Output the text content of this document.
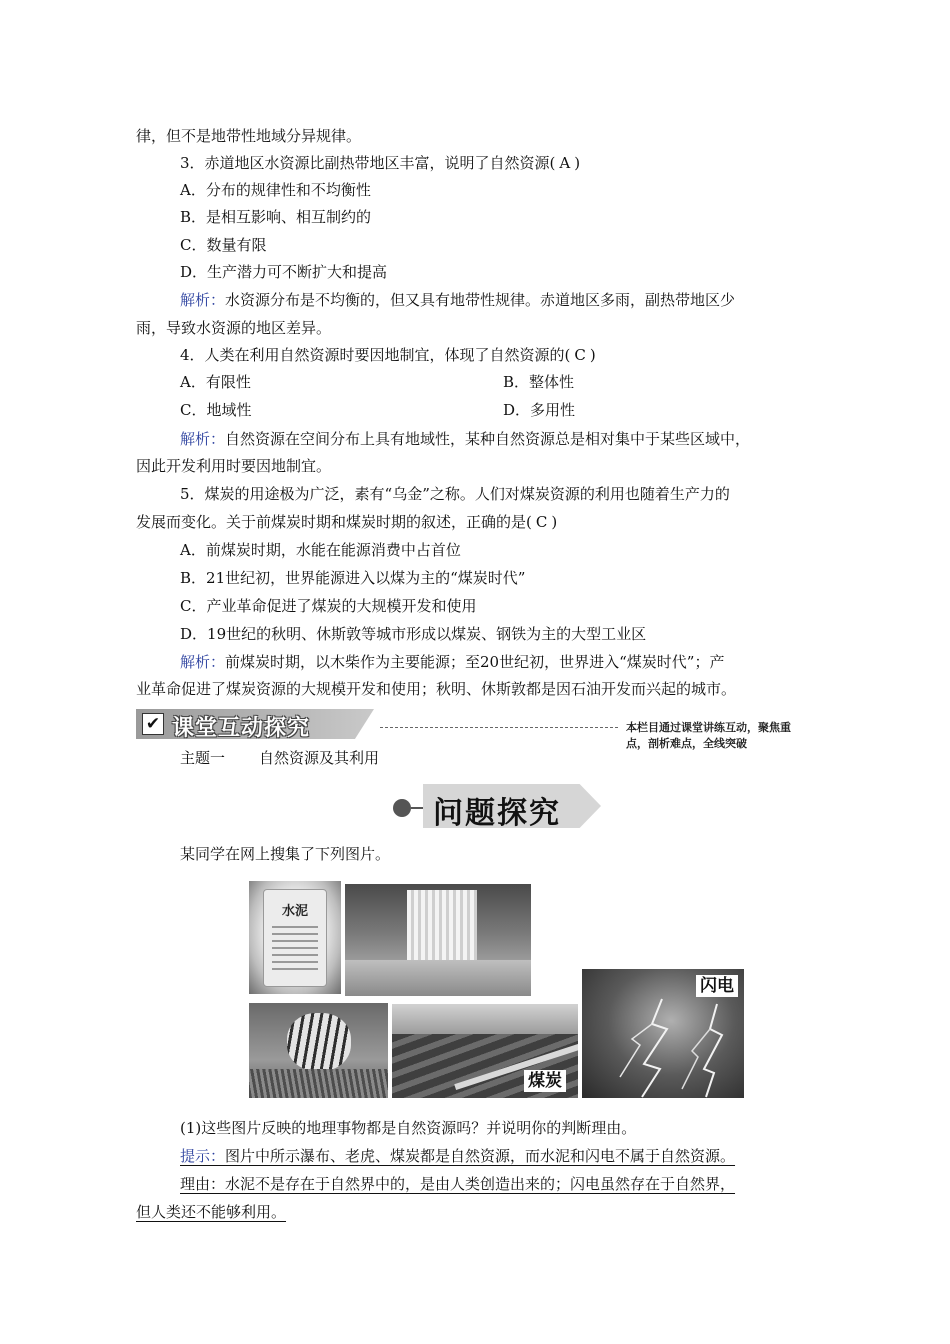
律，但不是地带性地域分异规律。
3．赤道地区水资源比副热带地区丰富，说明了自然资源( A )
A．分布的规律性和不均衡性
B．是相互影响、相互制约的
C．数量有限
D．生产潜力可不断扩大和提高
解析：水资源分布是不均衡的，但又具有地带性规律。赤道地区多雨，副热带地区少
雨，导致水资源的地区差异。
4．人类在利用自然资源时要因地制宜，体现了自然资源的( C )
A．有限性	B．整体性
C．地域性	D．多用性
解析：自然资源在空间分布上具有地域性，某种自然资源总是相对集中于某些区域中，
因此开发利用时要因地制宜。
5．煤炭的用途极为广泛，素有“乌金”之称。人们对煤炭资源的利用也随着生产力的
发展而变化。关于前煤炭时期和煤炭时期的叙述，正确的是( C )
A．前煤炭时期，水能在能源消费中占首位
B．21世纪初，世界能源进入以煤为主的“煤炭时代”
C．产业革命促进了煤炭的大规模开发和使用
D．19世纪的秋明、休斯敦等城市形成以煤炭、钢铁为主的大型工业区
解析：前煤炭时期，以木柴作为主要能源；至20世纪初，世界进入“煤炭时代”；产
业革命促进了煤炭资源的大规模开发和使用；秋明、休斯敦都是因石油开发而兴起的城市。
✔ 课堂互动探究	本栏目通过课堂讲练互动，聚焦重点，剖析难点，全线突破
主题一 自然资源及其利用
问题探究
某同学在网上搜集了下列图片。
水泥
闪电
煤炭
(1)这些图片反映的地理事物都是自然资源吗？并说明你的判断理由。
提示：图片中所示瀑布、老虎、煤炭都是自然资源，而水泥和闪电不属于自然资源。
理由：水泥不是存在于自然界中的，是由人类创造出来的；闪电虽然存在于自然界，
但人类还不能够利用。
